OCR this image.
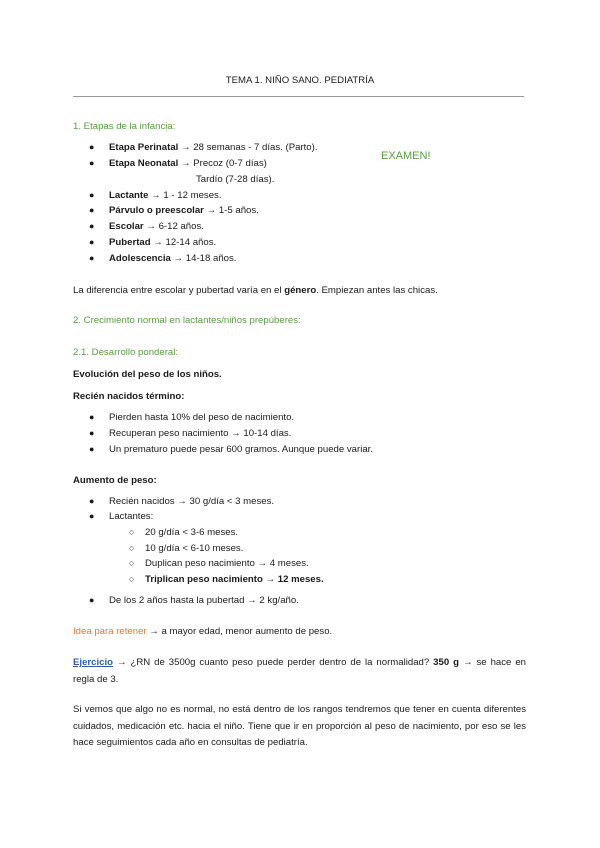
TEMA 1. NIÑO SANO. PEDIATRÍA
1. Etapas de la infancia:
EXAMEN!
● Etapa Perinatal → 28 semanas - 7 días. (Parto).
● Etapa Neonatal → Precoz (0-7 días)
Tardío (7-28 días).
● Lactante → 1 - 12 meses.
● Párvulo o preescolar → 1-5 años.
● Escolar → 6-12 años.
● Pubertad → 12-14 años.
● Adolescencia → 14-18 años.
La diferencia entre escolar y pubertad varía en el género. Empiezan antes las chicas.
2. Crecimiento normal en lactantes/niños prepúberes:
2.1. Desarrollo ponderal:
Evolución del peso de los niños.
Recién nacidos término:
● Pierden hasta 10% del peso de nacimiento.
● Recuperan peso nacimiento → 10-14 días.
● Un prematuro puede pesar 600 gramos. Aunque puede variar.
Aumento de peso:
● Recién nacidos → 30 g/día < 3 meses.
● Lactantes:
○ 20 g/día < 3-6 meses.
○ 10 g/día < 6-10 meses.
○ Duplican peso nacimiento → 4 meses.
○ Triplican peso nacimiento → 12 meses.
● De los 2 años hasta la pubertad → 2 kg/año.
Idea para retener → a mayor edad, menor aumento de peso.
Ejercicio → ¿RN de 3500g cuanto peso puede perder dentro de la normalidad? 350 g → se hace en regla de 3.
Si vemos que algo no es normal, no está dentro de los rangos tendremos que tener en cuenta diferentes cuidados, medicación etc. hacia el niño. Tiene que ir en proporción al peso de nacimiento, por eso se les hace seguimientos cada año en consultas de pediatría.
